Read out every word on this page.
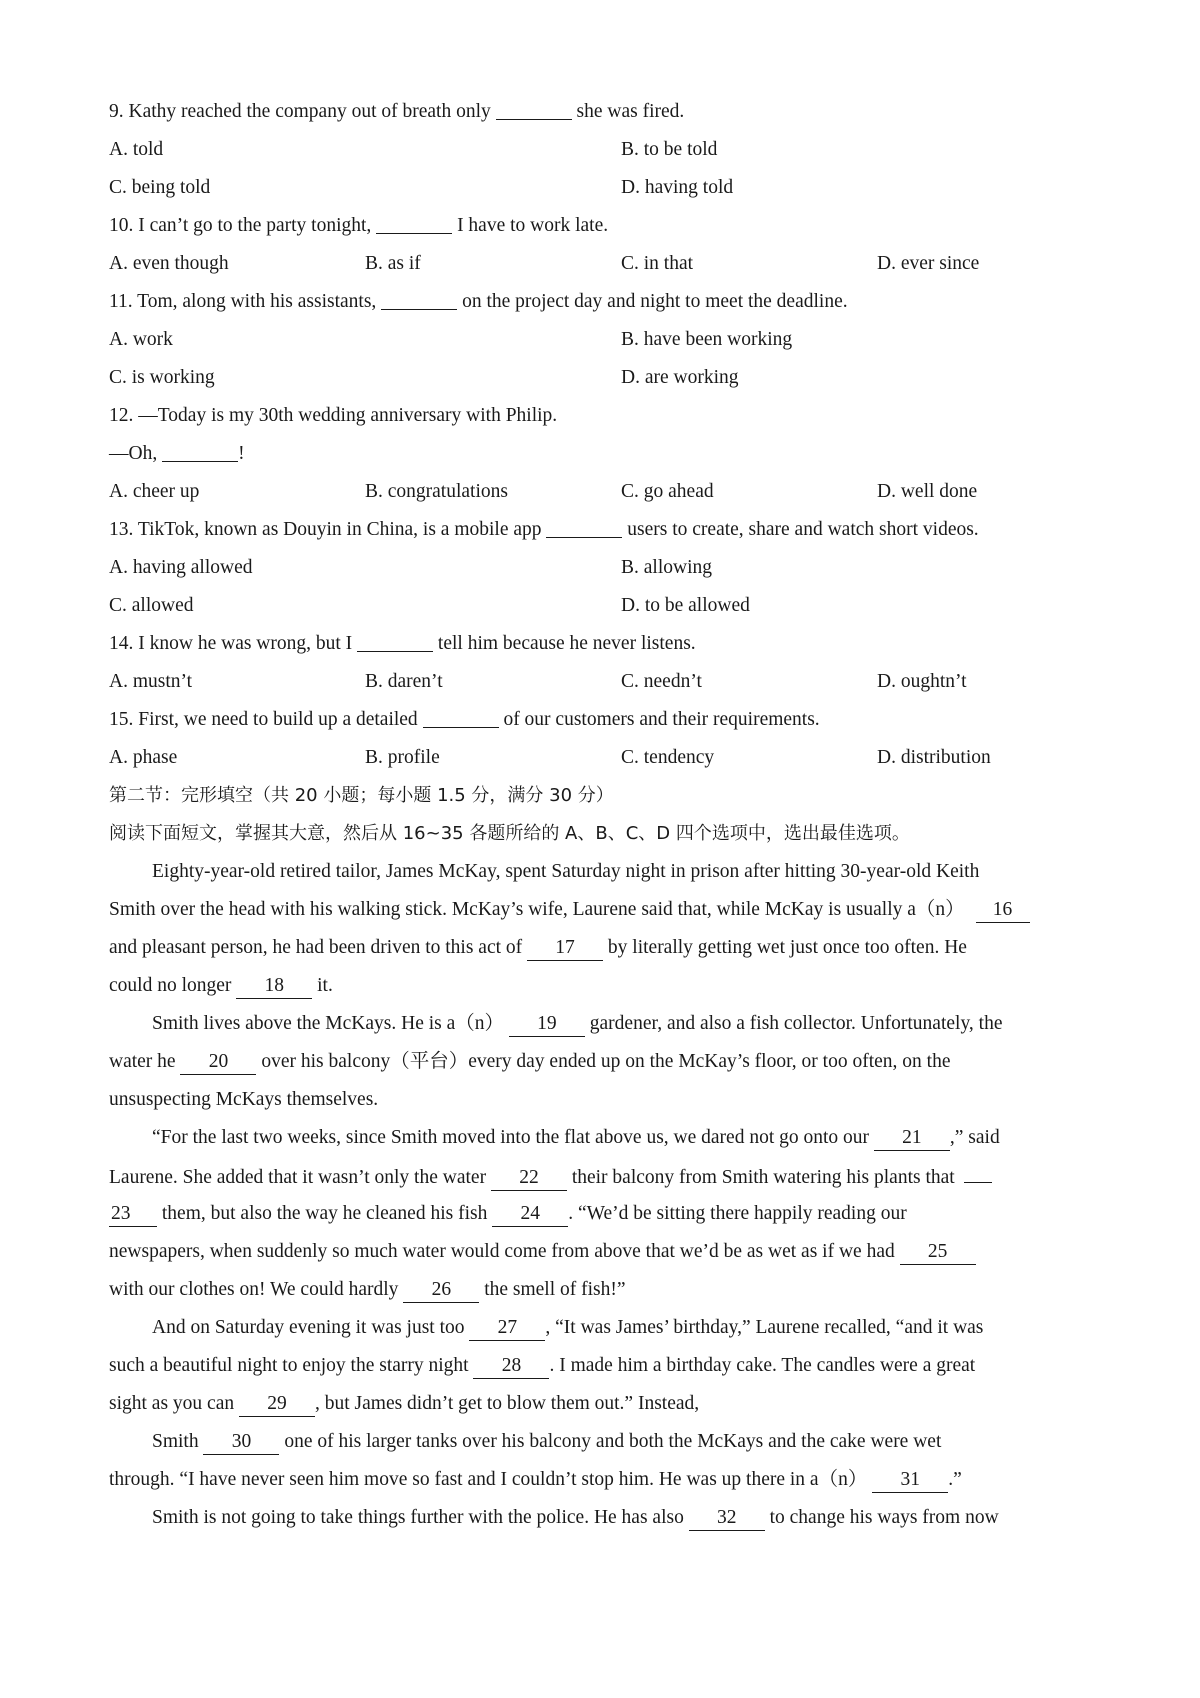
9. Kathy reached the company out of breath only	she was fired.
A. told	B. to be told
C. being told	D. having told
10. I can’t go to the party tonight,	I have to work late.
A. even though	B. as if	C. in that	D. ever since
11. Tom, along with his assistants,	on the project day and night to meet the deadline.
A. work	B. have been working
C. is working	D. are working
12. —Today is my 30th wedding anniversary with Philip.
—Oh,	!
A. cheer up	B. congratulations	C. go ahead	D. well done
13. TikTok, known as Douyin in China, is a mobile app	users to create, share and watch short videos.
A. having allowed	B. allowing
C. allowed	D. to be allowed
14. I know he was wrong, but I	tell him because he never listens.
A. mustn’t	B. daren’t	C. needn’t	D. oughtn’t
15. First, we need to build up a detailed	of our customers and their requirements.
A. phase	B. profile	C. tendency	D. distribution
第二节：完形填空（共 20 小题；每小题 1.5 分，满分 30 分）
阅读下面短文，掌握其大意，然后从 16~35 各题所给的 A、B、C、D 四个选项中，选出最佳选项。
Eighty-year-old retired tailor, James McKay, spent Saturday night in prison after hitting 30-year-old Keith
Smith over the head with his walking stick. McKay’s wife, Laurene said that, while McKay is usually a（n） 16
and pleasant person, he had been driven to this act of 17 by literally getting wet just once too often. He
could no longer 18 it.
Smith lives above the McKays. He is a（n） 19 gardener, and also a fish collector. Unfortunately, the
water he 20 over his balcony（平台）every day ended up on the McKay’s floor, or too often, on the
unsuspecting McKays themselves.
“For the last two weeks, since Smith moved into the flat above us, we dared not go onto our 21 ,” said
Laurene. She added that it wasn’t only the water 22 their balcony from Smith watering his plants that
23 them, but also the way he cleaned his fish 24 . “We’d be sitting there happily reading our
newspapers, when suddenly so much water would come from above that we’d be as wet as if we had 25
with our clothes on! We could hardly 26 the smell of fish!”
And on Saturday evening it was just too 27 , “It was James’ birthday,” Laurene recalled, “and it was
such a beautiful night to enjoy the starry night 28 . I made him a birthday cake. The candles were a great
sight as you can 29 , but James didn’t get to blow them out.” Instead,
Smith 30 one of his larger tanks over his balcony and both the McKays and the cake were wet
through. “I have never seen him move so fast and I couldn’t stop him. He was up there in a（n） 31 .”
Smith is not going to take things further with the police. He has also 32 to change his ways from now
